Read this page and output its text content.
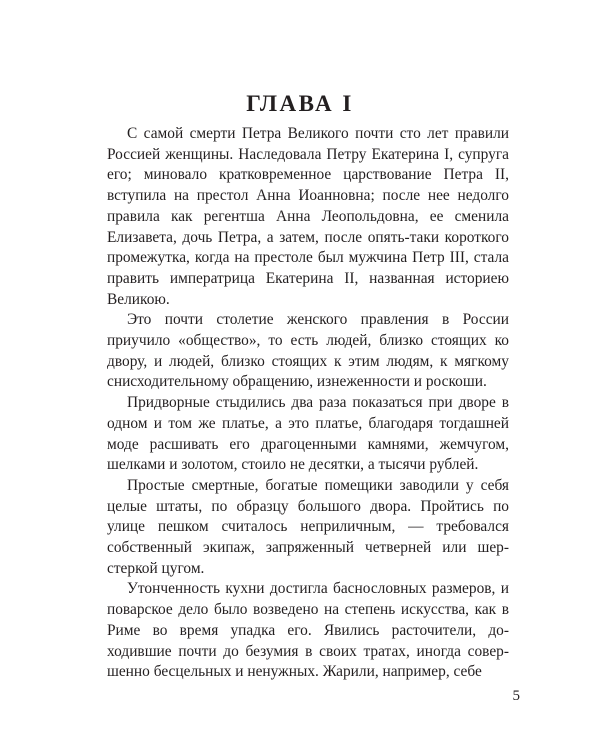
ГЛАВА I

С самой смерти Петра Великого почти сто лет правили Россией женщины. Наследовала Петру Екатерина I, супруга его; миновало кратковременное царствование Петра II, вступила на престол Анна Иоанновна; после нее недолго правила как регентша Анна Леопольдовна, ее сменила Елизавета, дочь Петра, а затем, после опять-таки короткого промежутка, когда на престоле был мужчина Петр III, стала править императрица Екатерина II, названная историею Великою.

Это почти столетие женского правления в России приучило «общество», то есть людей, близко стоящих ко двору, и людей, близко стоящих к этим людям, к мягкому снисходительному обращению, изнеженности и роскоши.

Придворные стыдились два раза показаться при дворе в одном и том же платье, а это платье, благодаря тогдашней моде расшивать его драгоценными камнями, жемчугом, шелками и золотом, стоило не десятки, а тысячи рублей.

Простые смертные, богатые помещики заводили у себя целые штаты, по образцу большого двора. Пройтись по улице пешком считалось неприличным, — требовался собственный экипаж, запряженный четверней или шерстеркой цугом.

Утонченность кухни достигла баснословных размеров, и поварское дело было возведено на степень искусства, как в Риме во время упадка его. Явились расточители, доходившие почти до безумия в своих тратах, иногда совершенно бесцельных и ненужных. Жарили, например, себе

5
